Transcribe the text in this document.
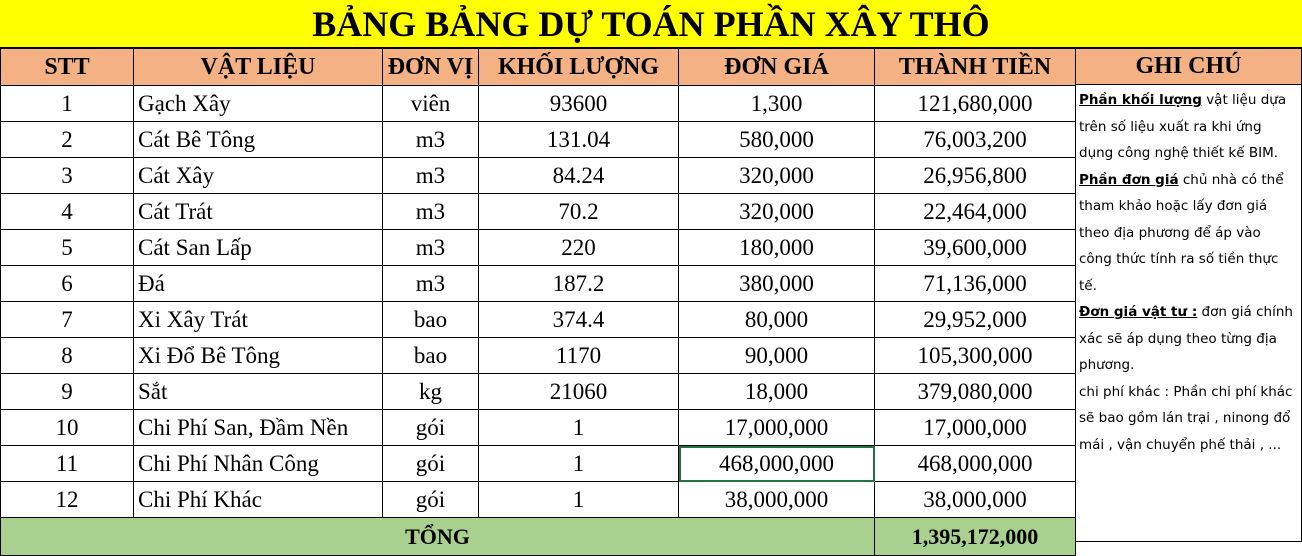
BẢNG BẢNG DỰ TOÁN PHẦN XÂY THÔ
STT	VẬT LIỆU	ĐƠN VỊ	KHỐI LƯỢNG	ĐƠN GIÁ	THÀNH TIỀN
1	Gạch Xây	viên	93600	1,300	121,680,000
2	Cát Bê Tông	m3	131.04	580,000	76,003,200
3	Cát Xây	m3	84.24	320,000	26,956,800
4	Cát Trát	m3	70.2	320,000	22,464,000
5	Cát San Lấp	m3	220	180,000	39,600,000
6	Đá	m3	187.2	380,000	71,136,000
7	Xi Xây Trát	bao	374.4	80,000	29,952,000
8	Xi Đổ Bê Tông	bao	1170	90,000	105,300,000
9	Sắt	kg	21060	18,000	379,080,000
10	Chi Phí San, Đầm Nền	gói	1	17,000,000	17,000,000
11	Chi Phí Nhân Công	gói	1	468,000,000	468,000,000
12	Chi Phí Khác	gói	1	38,000,000	38,000,000
TỔNG					1,395,172,000
GHI CHÚ

Phần khối lượng vật liệu dựa trên số liệu xuất ra khi ứng dụng công nghệ thiết kế BIM.

Phần đơn giá chủ nhà có thể tham khảo hoặc lấy đơn giá theo địa phương để áp vào công thức tính ra số tiền thực tế.

Đơn giá vật tư : đơn giá chính xác sẽ áp dụng theo từng địa phương.

chi phí khác : Phần chi phí khác sẽ bao gồm lán trại , ninong đổ mái , vận chuyển phế thải , ...
